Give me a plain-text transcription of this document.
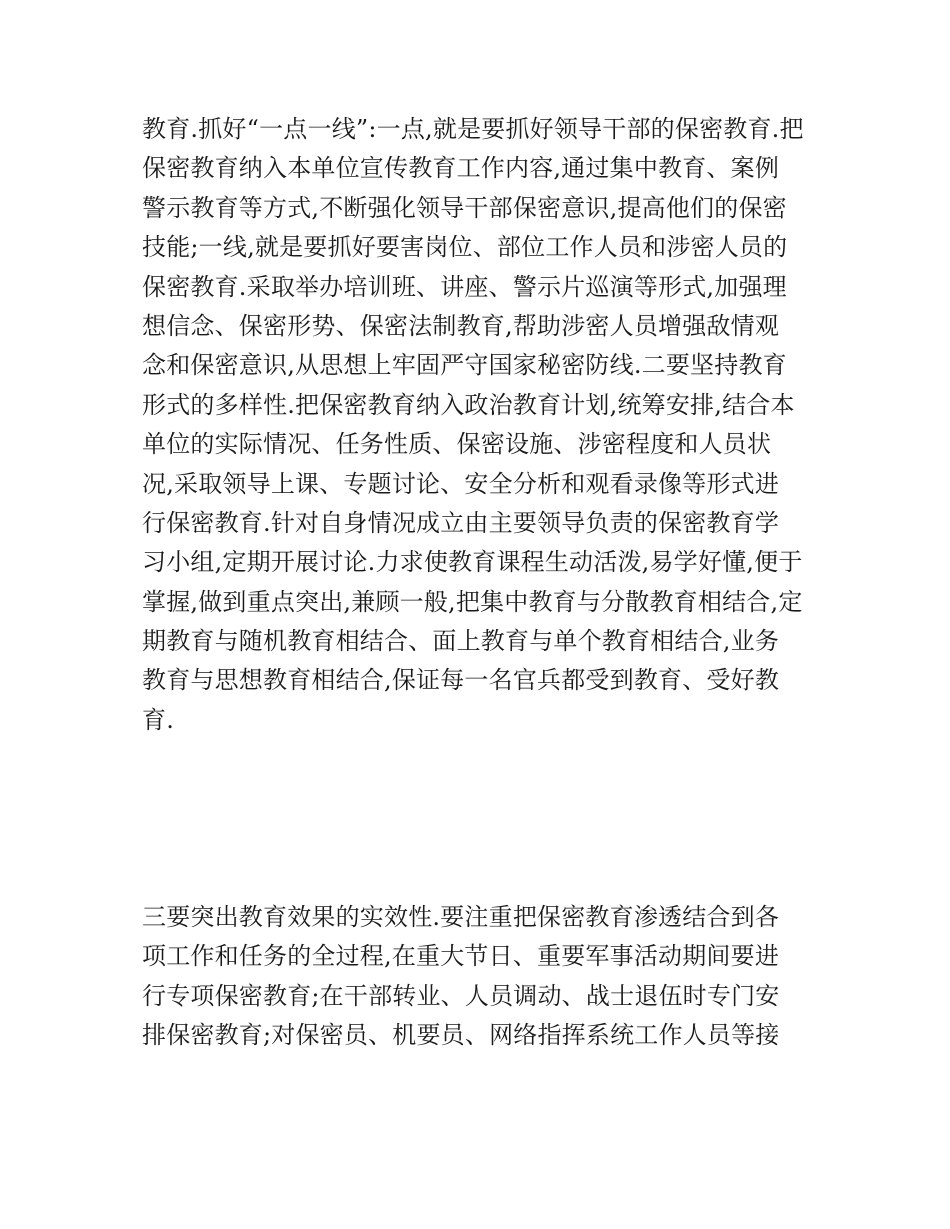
教育.抓好“一点一线”:一点,就是要抓好领导干部的保密教育.把
保密教育纳入本单位宣传教育工作内容,通过集中教育、案例
警示教育等方式,不断强化领导干部保密意识,提高他们的保密
技能;一线,就是要抓好要害岗位、部位工作人员和涉密人员的
保密教育.采取举办培训班、讲座、警示片巡演等形式,加强理
想信念、保密形势、保密法制教育,帮助涉密人员增强敌情观
念和保密意识,从思想上牢固严守国家秘密防线.二要坚持教育
形式的多样性.把保密教育纳入政治教育计划,统筹安排,结合本
单位的实际情况、任务性质、保密设施、涉密程度和人员状
况,采取领导上课、专题讨论、安全分析和观看录像等形式进
行保密教育.针对自身情况成立由主要领导负责的保密教育学
习小组,定期开展讨论.力求使教育课程生动活泼,易学好懂,便于
掌握,做到重点突出,兼顾一般,把集中教育与分散教育相结合,定
期教育与随机教育相结合、面上教育与单个教育相结合,业务
教育与思想教育相结合,保证每一名官兵都受到教育、受好教
育.
三要突出教育效果的实效性.要注重把保密教育渗透结合到各
项工作和任务的全过程,在重大节日、重要军事活动期间要进
行专项保密教育;在干部转业、人员调动、战士退伍时专门安
排保密教育;对保密员、机要员、网络指挥系统工作人员等接
